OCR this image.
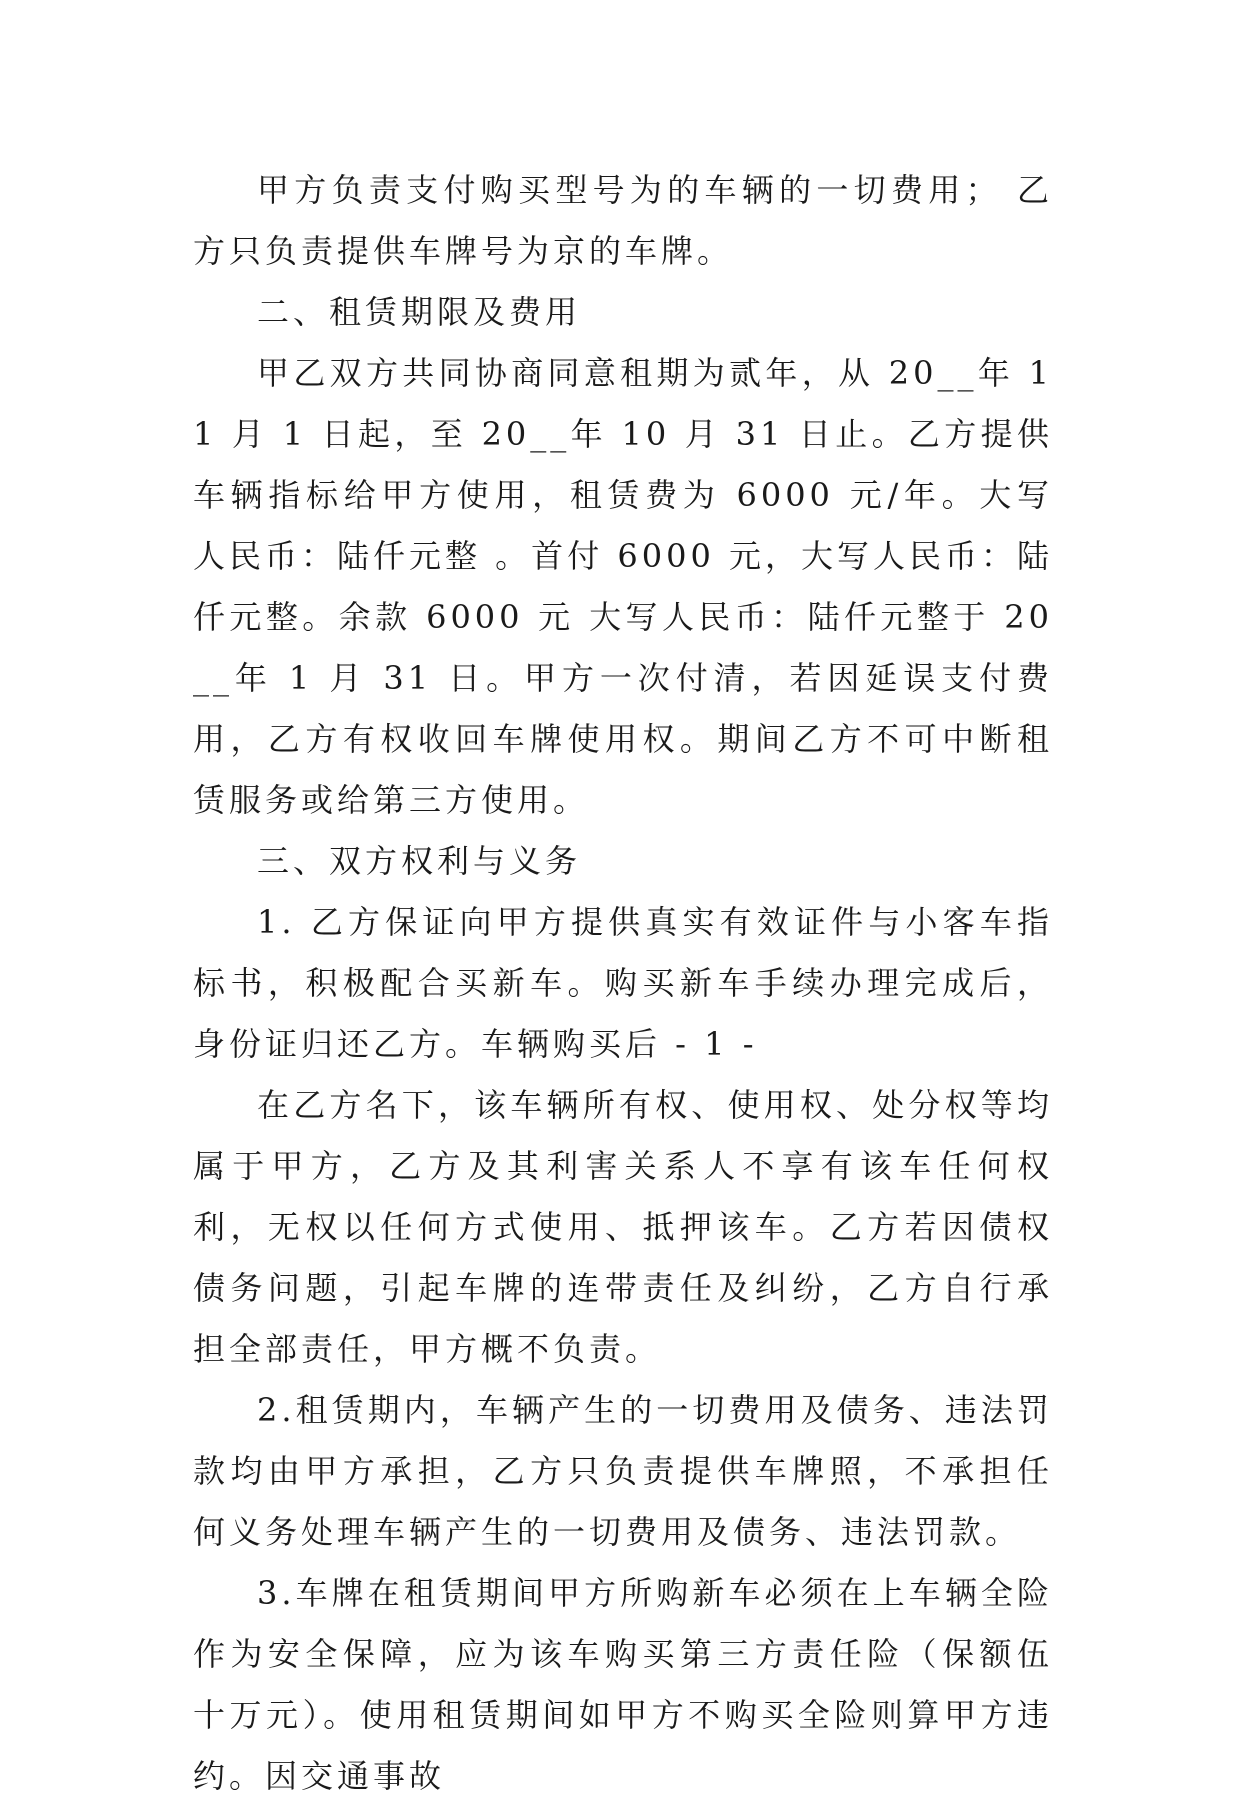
甲方负责支付购买型号为的车辆的一切费用； 乙方只负责提供车牌号为京的车牌。

二、租赁期限及费用

甲乙双方共同协商同意租期为贰年，从 20__年 11 月 1 日起，至 20__年 10 月 31 日止。乙方提供车辆指标给甲方使用，租赁费为 6000 元/年。大写人民币：陆仟元整 。首付 6000 元，大写人民币：陆仟元整。余款 6000 元 大写人民币：陆仟元整于 20__年 1 月 31 日。甲方一次付清，若因延误支付费用，乙方有权收回车牌使用权。期间乙方不可中断租赁服务或给第三方使用。

三、双方权利与义务

1. 乙方保证向甲方提供真实有效证件与小客车指标书，积极配合买新车。购买新车手续办理完成后，身份证归还乙方。车辆购买后 - 1 -

在乙方名下，该车辆所有权、使用权、处分权等均属于甲方，乙方及其利害关系人不享有该车任何权利，无权以任何方式使用、抵押该车。乙方若因债权债务问题，引起车牌的连带责任及纠纷，乙方自行承担全部责任，甲方概不负责。

2.租赁期内，车辆产生的一切费用及债务、违法罚款均由甲方承担，乙方只负责提供车牌照，不承担任何义务处理车辆产生的一切费用及债务、违法罚款。

3.车牌在租赁期间甲方所购新车必须在上车辆全险作为安全保障，应为该车购买第三方责任险（保额伍十万元）。使用租赁期间如甲方不购买全险则算甲方违约。因交通事故
